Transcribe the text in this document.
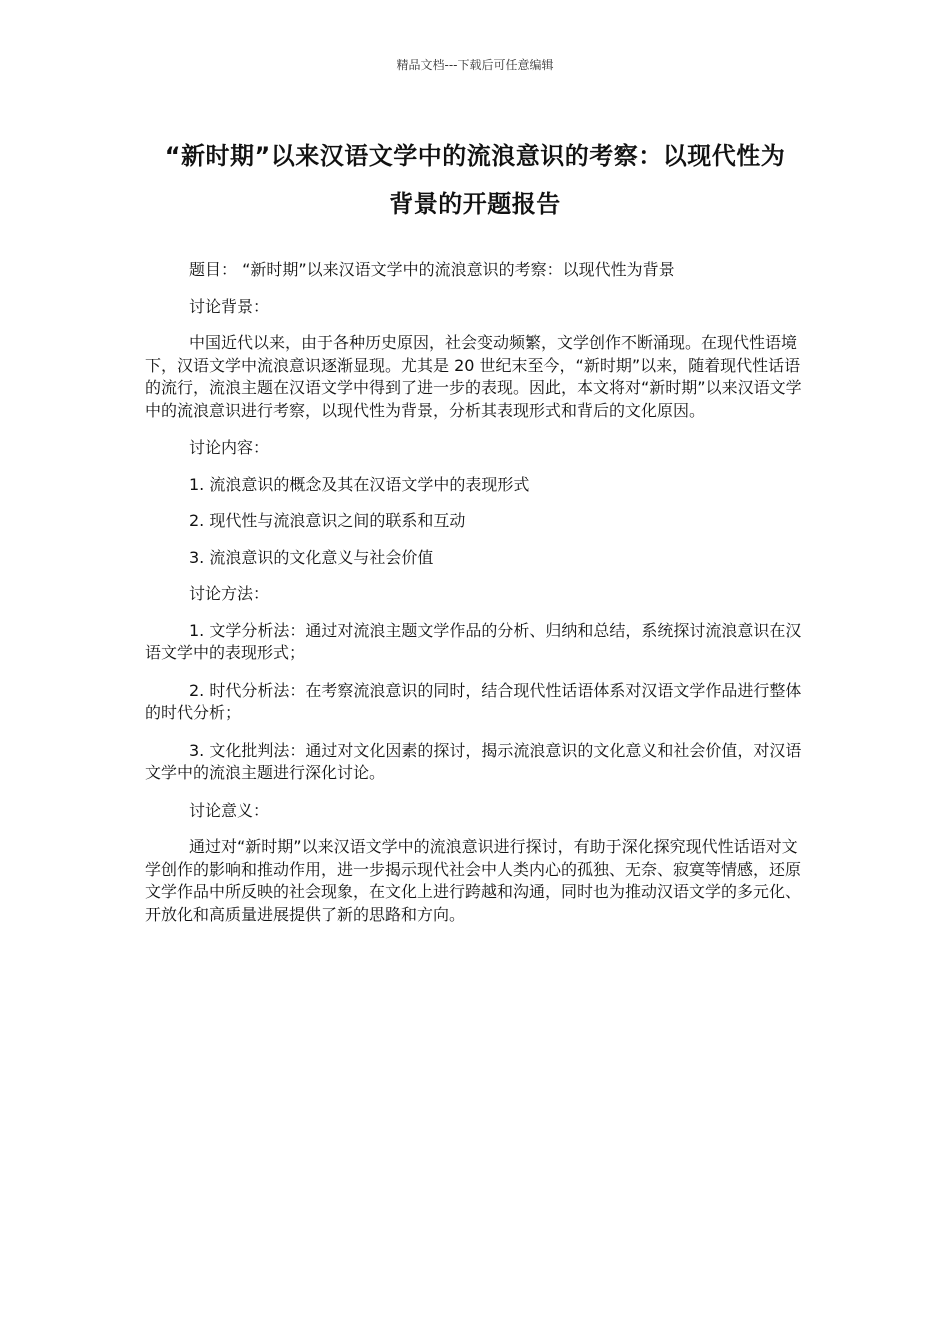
精品文档---下载后可任意编辑
“新时期”以来汉语文学中的流浪意识的考察：以现代性为
背景的开题报告

题目： “新时期”以来汉语文学中的流浪意识的考察：以现代性为背景

讨论背景：

中国近代以来，由于各种历史原因，社会变动频繁，文学创作不断涌现。在现代性语境下，汉语文学中流浪意识逐渐显现。尤其是 20 世纪末至今，“新时期”以来，随着现代性话语的流行，流浪主题在汉语文学中得到了进一步的表现。因此，本文将对“新时期”以来汉语文学中的流浪意识进行考察，以现代性为背景，分析其表现形式和背后的文化原因。

讨论内容：

1. 流浪意识的概念及其在汉语文学中的表现形式

2. 现代性与流浪意识之间的联系和互动

3. 流浪意识的文化意义与社会价值

讨论方法：

1. 文学分析法：通过对流浪主题文学作品的分析、归纳和总结，系统探讨流浪意识在汉语文学中的表现形式；

2. 时代分析法：在考察流浪意识的同时，结合现代性话语体系对汉语文学作品进行整体的时代分析；

3. 文化批判法：通过对文化因素的探讨，揭示流浪意识的文化意义和社会价值，对汉语文学中的流浪主题进行深化讨论。

讨论意义：

通过对“新时期”以来汉语文学中的流浪意识进行探讨，有助于深化探究现代性话语对文学创作的影响和推动作用，进一步揭示现代社会中人类内心的孤独、无奈、寂寞等情感，还原文学作品中所反映的社会现象，在文化上进行跨越和沟通，同时也为推动汉语文学的多元化、开放化和高质量进展提供了新的思路和方向。
